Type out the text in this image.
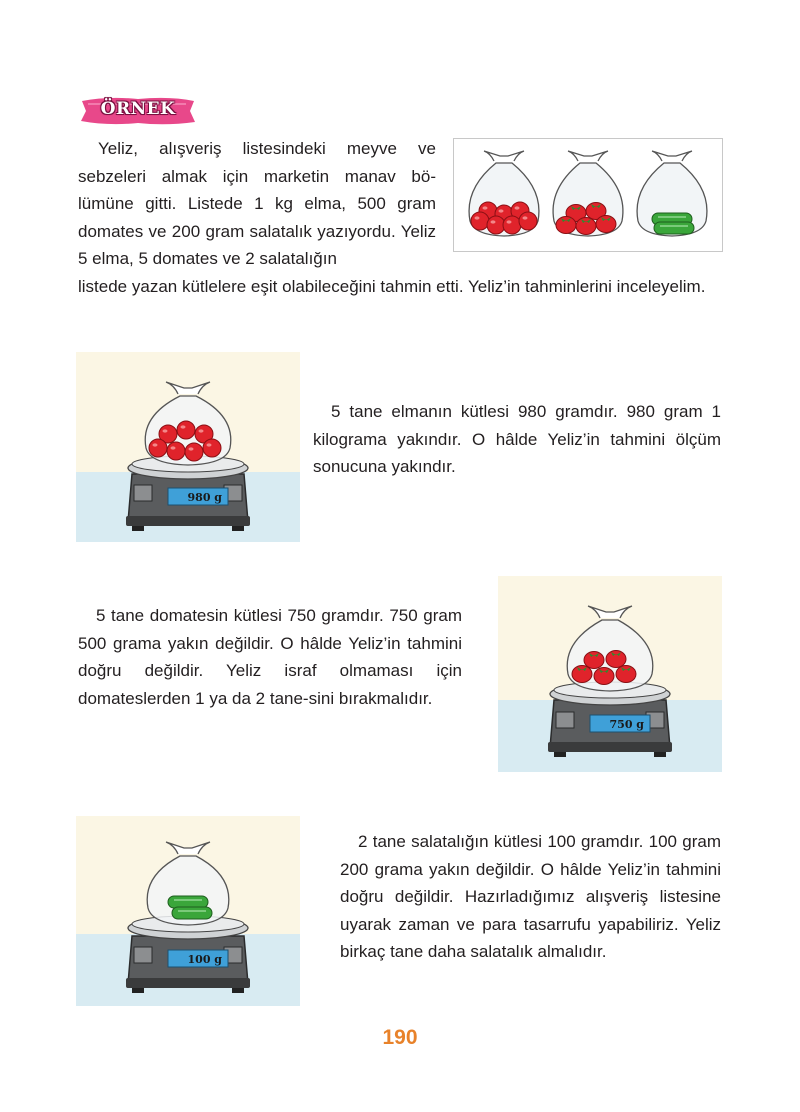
ÖRNEK
Yeliz, alışveriş listesindeki meyve ve sebzeleri almak için marketin manav bö- lümüne gitti. Listede 1 kg elma, 500 gram domates ve 200 gram salatalık yazıyordu. Yeliz 5 elma, 5 domates ve 2 salatalığın
listede yazan kütlelere eşit olabileceğini tahmin etti. Yeliz’in tahminlerini inceleyelim.
980 g

5 tane elmanın kütlesi 980 gramdır. 980 gram 1 kilograma yakındır. O hâlde Yeliz’in tahmini ölçüm sonucuna yakındır.

5 tane domatesin kütlesi 750 gramdır. 750 gram 500 grama yakın değildir. O hâlde Yeliz’in tahmini doğru değildir. Yeliz israf olmaması için domateslerden 1 ya da 2 tane-sini bırakmalıdır.

750 g
100 g

2 tane salatalığın kütlesi 100 gramdır. 100 gram 200 grama yakın değildir. O hâlde Yeliz’in tahmini doğru değildir. Hazırladığımız alışveriş listesine uyarak zaman ve para tasarrufu yapabiliriz. Yeliz birkaç tane daha salatalık almalıdır.

190
